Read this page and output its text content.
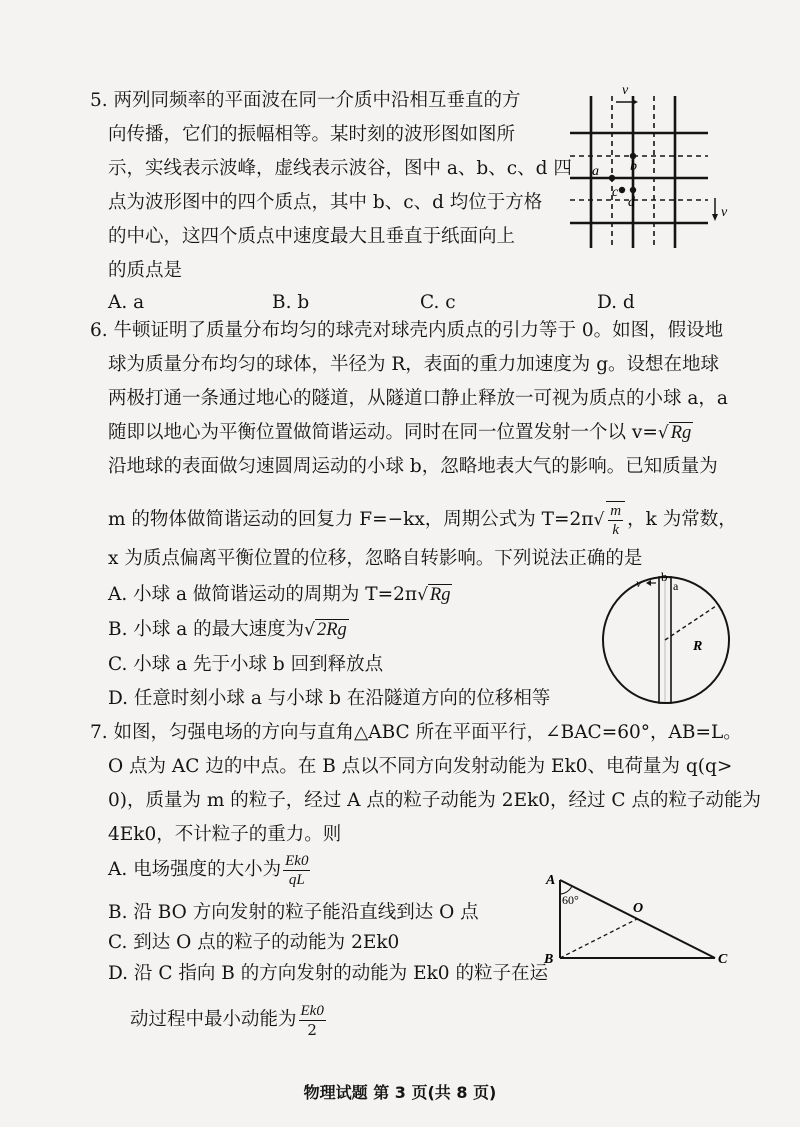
5. 两列同频率的平面波在同一介质中沿相互垂直的方
向传播，它们的振幅相等。某时刻的波形图如图所
示，实线表示波峰，虚线表示波谷，图中 a、b、c、d 四
点为波形图中的四个质点，其中 b、c、d 均位于方格
的中心，这四个质点中速度最大且垂直于纸面向上
的质点是
A. a	B. b	C. c	D. d
v
v
a b
c
d
6. 牛顿证明了质量分布均匀的球壳对球壳内质点的引力等于 0。如图，假设地
球为质量分布均匀的球体，半径为 R，表面的重力加速度为 g。设想在地球
两极打通一条通过地心的隧道，从隧道口静止释放一可视为质点的小球 a，a
随即以地心为平衡位置做简谐运动。同时在同一位置发射一个以 v=√ Rg
沿地球的表面做匀速圆周运动的小球 b，忽略地表大气的影响。已知质量为
m 的物体做简谐运动的回复力 F=−kx，周期公式为 $T=2\pi√ \frac{m}{k}$ ，k 为常数，
x 为质点偏离平衡位置的位移，忽略自转影响。下列说法正确的是
A. 小球 a 做简谐运动的周期为 T=2π√ Rg
B. 小球 a 的最大速度为√ 2Rg
C. 小球 a 先于小球 b 回到释放点
D. 任意时刻小球 a 与小球 b 在沿隧道方向的位移相等
R
b
a
v
7. 如图，匀强电场的方向与直角△ABC 所在平面平行，∠BAC=60°，AB=L。
O 点为 AC 边的中点。在 B 点以不同方向发射动能为 Ek0、电荷量为 q(q>
0)，质量为 m 的粒子，经过 A 点的粒子动能为 2Ek0，经过 C 点的粒子动能为
4Ek0，不计粒子的重力。则
A. 电场强度的大小为 $\frac{Ek0}{qL}$
B. 沿 BO 方向发射的粒子能沿直线到达 O 点
C. 到达 O 点的粒子的动能为 2Ek0
D. 沿 C 指向 B 的方向发射的动能为 Ek0 的粒子在运
动过程中最小动能为 $\frac{Ek0}{2}$
A
B	C
O
60°
物理试题 第 3 页(共 8 页)
